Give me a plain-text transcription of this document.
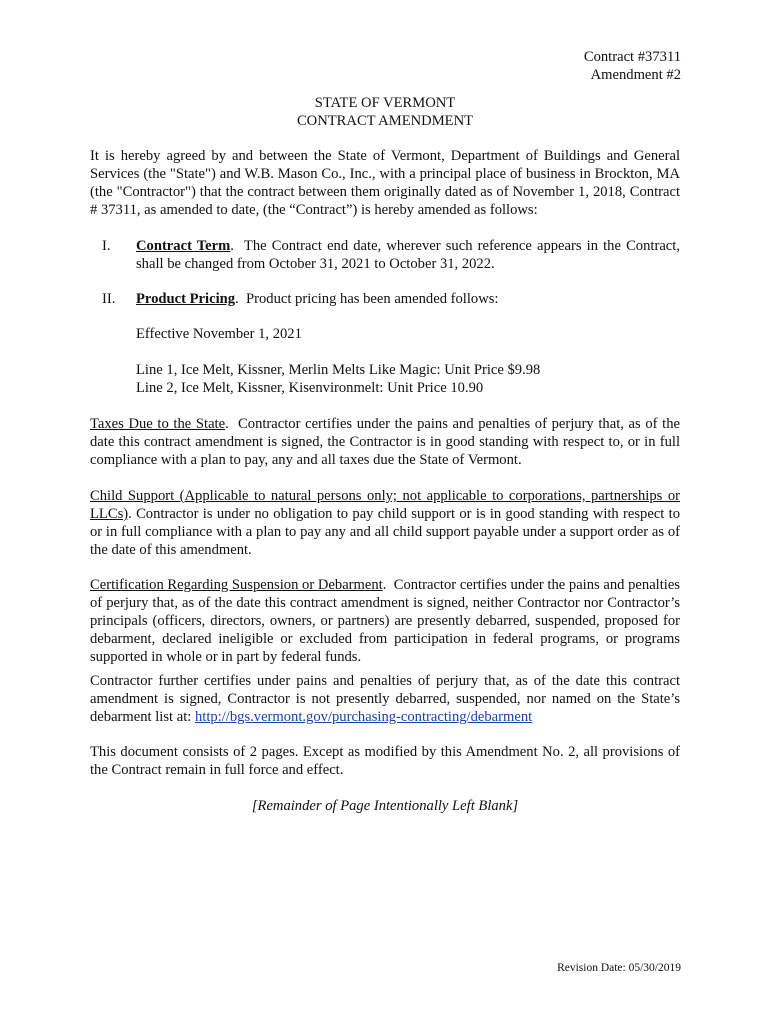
Contract #37311
Amendment #2
STATE OF VERMONT
CONTRACT AMENDMENT
It is hereby agreed by and between the State of Vermont, Department of Buildings and General Services (the "State") and W.B. Mason Co., Inc., with a principal place of business in Brockton, MA (the "Contractor") that the contract between them originally dated as of November 1, 2018, Contract # 37311, as amended to date, (the “Contract”) is hereby amended as follows:
I. Contract Term.  The Contract end date, wherever such reference appears in the Contract, shall be changed from October 31, 2021 to October 31, 2022.
II. Product Pricing.  Product pricing has been amended follows:
Effective November 1, 2021
Line 1, Ice Melt, Kissner, Merlin Melts Like Magic: Unit Price $9.98
Line 2, Ice Melt, Kissner, Kisenvironmelt: Unit Price 10.90
Taxes Due to the State.  Contractor certifies under the pains and penalties of perjury that, as of the date this contract amendment is signed, the Contractor is in good standing with respect to, or in full compliance with a plan to pay, any and all taxes due the State of Vermont.
Child Support (Applicable to natural persons only; not applicable to corporations, partnerships or LLCs). Contractor is under no obligation to pay child support or is in good standing with respect to or in full compliance with a plan to pay any and all child support payable under a support order as of the date of this amendment.
Certification Regarding Suspension or Debarment.  Contractor certifies under the pains and penalties of perjury that, as of the date this contract amendment is signed, neither Contractor nor Contractor’s principals (officers, directors, owners, or partners) are presently debarred, suspended, proposed for debarment, declared ineligible or excluded from participation in federal programs, or programs supported in whole or in part by federal funds.
Contractor further certifies under pains and penalties of perjury that, as of the date this contract amendment is signed, Contractor is not presently debarred, suspended, nor named on the State’s debarment list at: http://bgs.vermont.gov/purchasing-contracting/debarment
This document consists of 2 pages. Except as modified by this Amendment No. 2, all provisions of the Contract remain in full force and effect.
[Remainder of Page Intentionally Left Blank]
Revision Date: 05/30/2019
